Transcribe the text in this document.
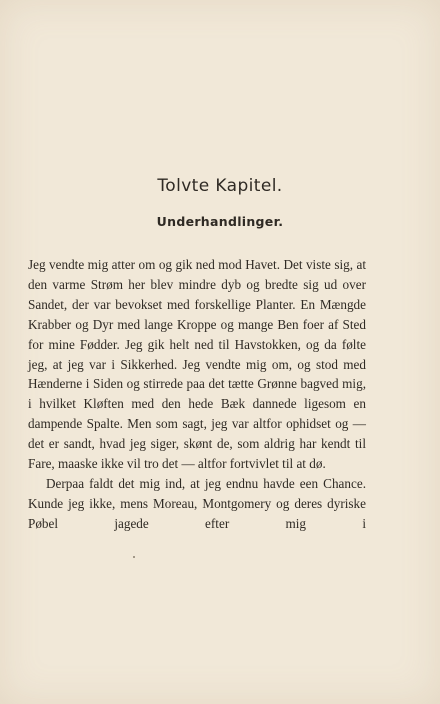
Tolvte Kapitel.
Underhandlinger.

Jeg vendte mig atter om og gik ned mod Havet. Det viste sig, at den varme Strøm her blev mindre dyb og bredte sig ud over Sandet, der var bevokset med forskellige Planter. En Mængde Krabber og Dyr med lange Kroppe og mange Ben foer af Sted for mine Fødder. Jeg gik helt ned til Havstokken, og da følte jeg, at jeg var i Sikkerhed. Jeg vendte mig om, og stod med Hænderne i Siden og stirrede paa det tætte Grønne bagved mig, i hvilket Kløften med den hede Bæk dannede ligesom en dampende Spalte. Men som sagt, jeg var altfor ophidset og — det er sandt, hvad jeg siger, skønt de, som aldrig har kendt til Fare, maaske ikke vil tro det — altfor fortvivlet til at dø.

Derpaa faldt det mig ind, at jeg endnu havde een Chance. Kunde jeg ikke, mens Moreau, Montgomery og deres dyriske Pøbel jagede efter mig i
